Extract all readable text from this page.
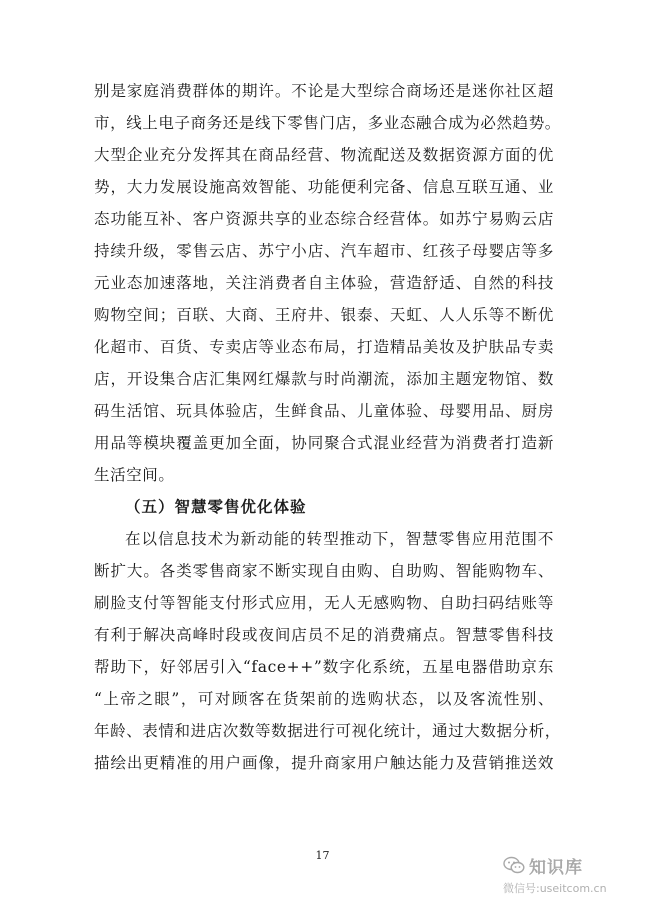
别是家庭消费群体的期许。不论是大型综合商场还是迷你社区超
市，线上电子商务还是线下零售门店，多业态融合成为必然趋势。
大型企业充分发挥其在商品经营、物流配送及数据资源方面的优
势，大力发展设施高效智能、功能便利完备、信息互联互通、业
态功能互补、客户资源共享的业态综合经营体。如苏宁易购云店
持续升级，零售云店、苏宁小店、汽车超市、红孩子母婴店等多
元业态加速落地，关注消费者自主体验，营造舒适、自然的科技
购物空间；百联、大商、王府井、银泰、天虹、人人乐等不断优
化超市、百货、专卖店等业态布局，打造精品美妆及护肤品专卖
店，开设集合店汇集网红爆款与时尚潮流，添加主题宠物馆、数
码生活馆、玩具体验店，生鲜食品、儿童体验、母婴用品、厨房
用品等模块覆盖更加全面，协同聚合式混业经营为消费者打造新
生活空间。
（五）智慧零售优化体验
在以信息技术为新动能的转型推动下，智慧零售应用范围不
断扩大。各类零售商家不断实现自由购、自助购、智能购物车、
刷脸支付等智能支付形式应用，无人无感购物、自助扫码结账等
有利于解决高峰时段或夜间店员不足的消费痛点。智慧零售科技
帮助下，好邻居引入“face++”数字化系统，五星电器借助京东
“上帝之眼”，可对顾客在货架前的选购状态，以及客流性别、
年龄、表情和进店次数等数据进行可视化统计，通过大数据分析，
描绘出更精准的用户画像，提升商家用户触达能力及营销推送效
17
知识库
微信号:useitcom.cn
